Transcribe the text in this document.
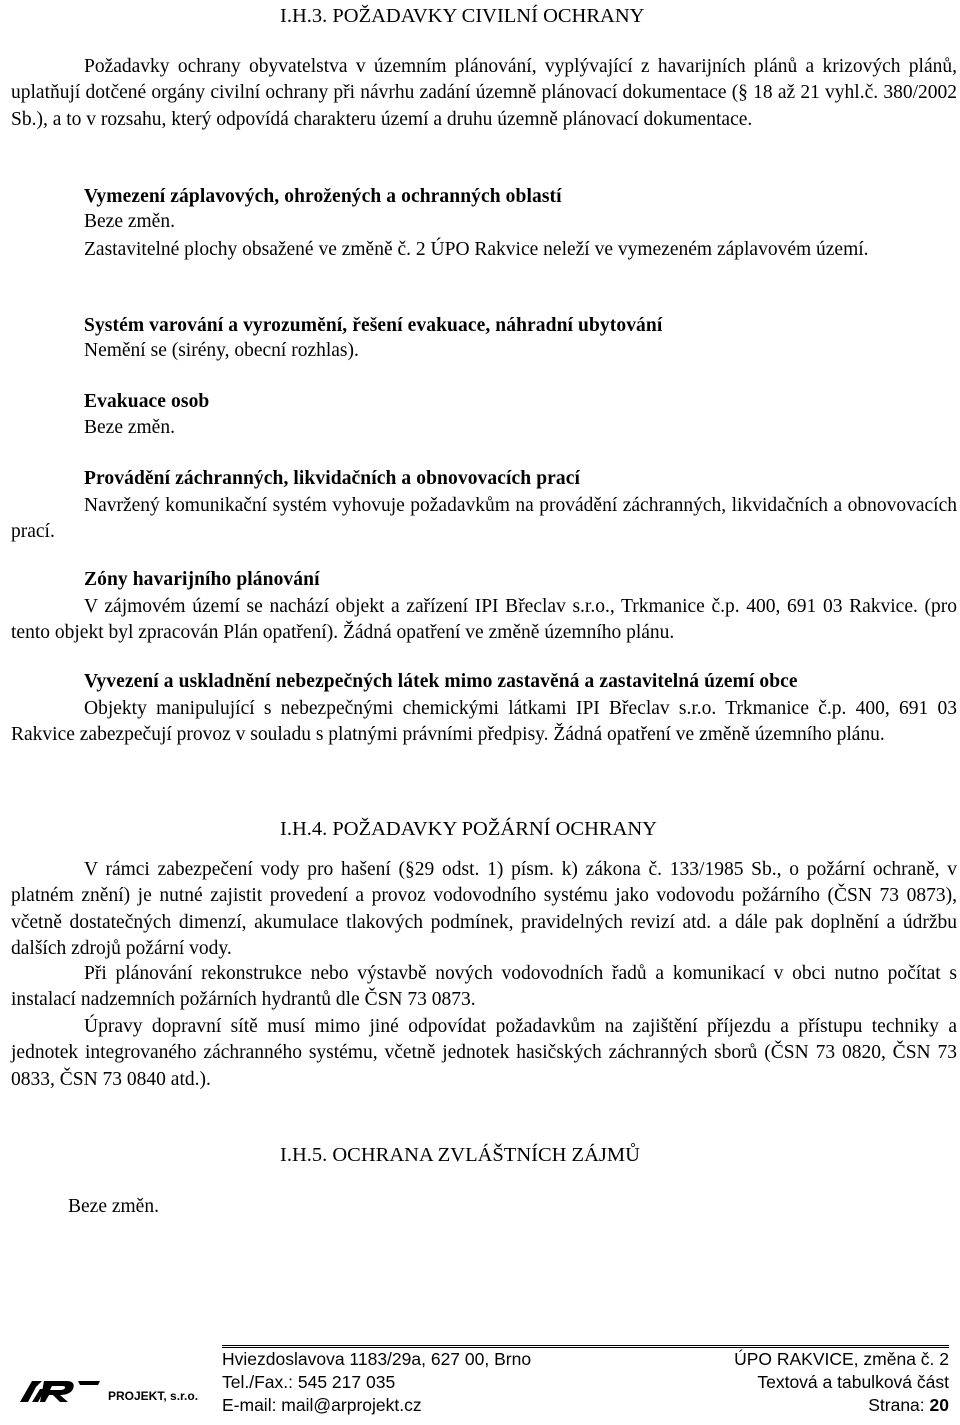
I.H.3. POŽADAVKY CIVILNÍ OCHRANY

Požadavky ochrany obyvatelstva v územním plánování, vyplývající z havarijních plánů a krizových plánů, uplatňují dotčené orgány civilní ochrany při návrhu zadání územně plánovací dokumentace (§ 18 až 21 vyhl.č. 380/2002 Sb.), a to v rozsahu, který odpovídá charakteru území a druhu územně plánovací dokumentace.

Vymezení záplavových, ohrožených a ochranných oblastí
Beze změn.

Zastavitelné plochy obsažené ve změně č. 2 ÚPO Rakvice neleží ve vymezeném záplavovém území.

Systém varování a vyrozumění, řešení evakuace, náhradní ubytování
Nemění se (sirény, obecní rozhlas).
Evakuace osob
Beze změn.
Provádění záchranných, likvidačních a obnovovacích prací

Navržený komunikační systém vyhovuje požadavkům na provádění záchranných, likvidačních a obnovovacích prací.

Zóny havarijního plánování

V zájmovém území se nachází objekt a zařízení IPI Břeclav s.r.o., Trkmanice č.p. 400, 691 03 Rakvice. (pro tento objekt byl zpracován Plán opatření). Žádná opatření ve změně územního plánu.

Vyvezení a uskladnění nebezpečných látek mimo zastavěná a zastavitelná území obce

Objekty manipulující s nebezpečnými chemickými látkami IPI Břeclav s.r.o. Trkmanice č.p. 400, 691 03 Rakvice zabezpečují provoz v souladu s platnými právními předpisy. Žádná opatření ve změně územního plánu.

I.H.4. POŽADAVKY POŽÁRNÍ OCHRANY

V rámci zabezpečení vody pro hašení (§29 odst. 1) písm. k) zákona č. 133/1985 Sb., o požární ochraně, v platném znění) je nutné zajistit provedení a provoz vodovodního systému jako vodovodu požárního (ČSN 73 0873), včetně dostatečných dimenzí, akumulace tlakových podmínek, pravidelných revizí atd. a dále pak doplnění a údržbu dalších zdrojů požární vody.

Při plánování rekonstrukce nebo výstavbě nových vodovodních řadů a komunikací v obci nutno počítat s instalací nadzemních požárních hydrantů dle ČSN 73 0873.

Úpravy dopravní sítě musí mimo jiné odpovídat požadavkům na zajištění příjezdu a přístupu techniky a jednotek integrovaného záchranného systému, včetně jednotek hasičských záchranných sborů (ČSN 73 0820, ČSN 73 0833, ČSN 73 0840 atd.).

I.H.5. OCHRANA ZVLÁŠTNÍCH ZÁJMŮ
Beze změn.
PROJEKT, s.r.o.
Hviezdoslavova 1183/29a, 627 00, Brno
Tel./Fax.: 545 217 035
E-mail: mail@arprojekt.cz
ÚPO RAKVICE, změna č. 2
Textová a tabulková část
Strana: 20
